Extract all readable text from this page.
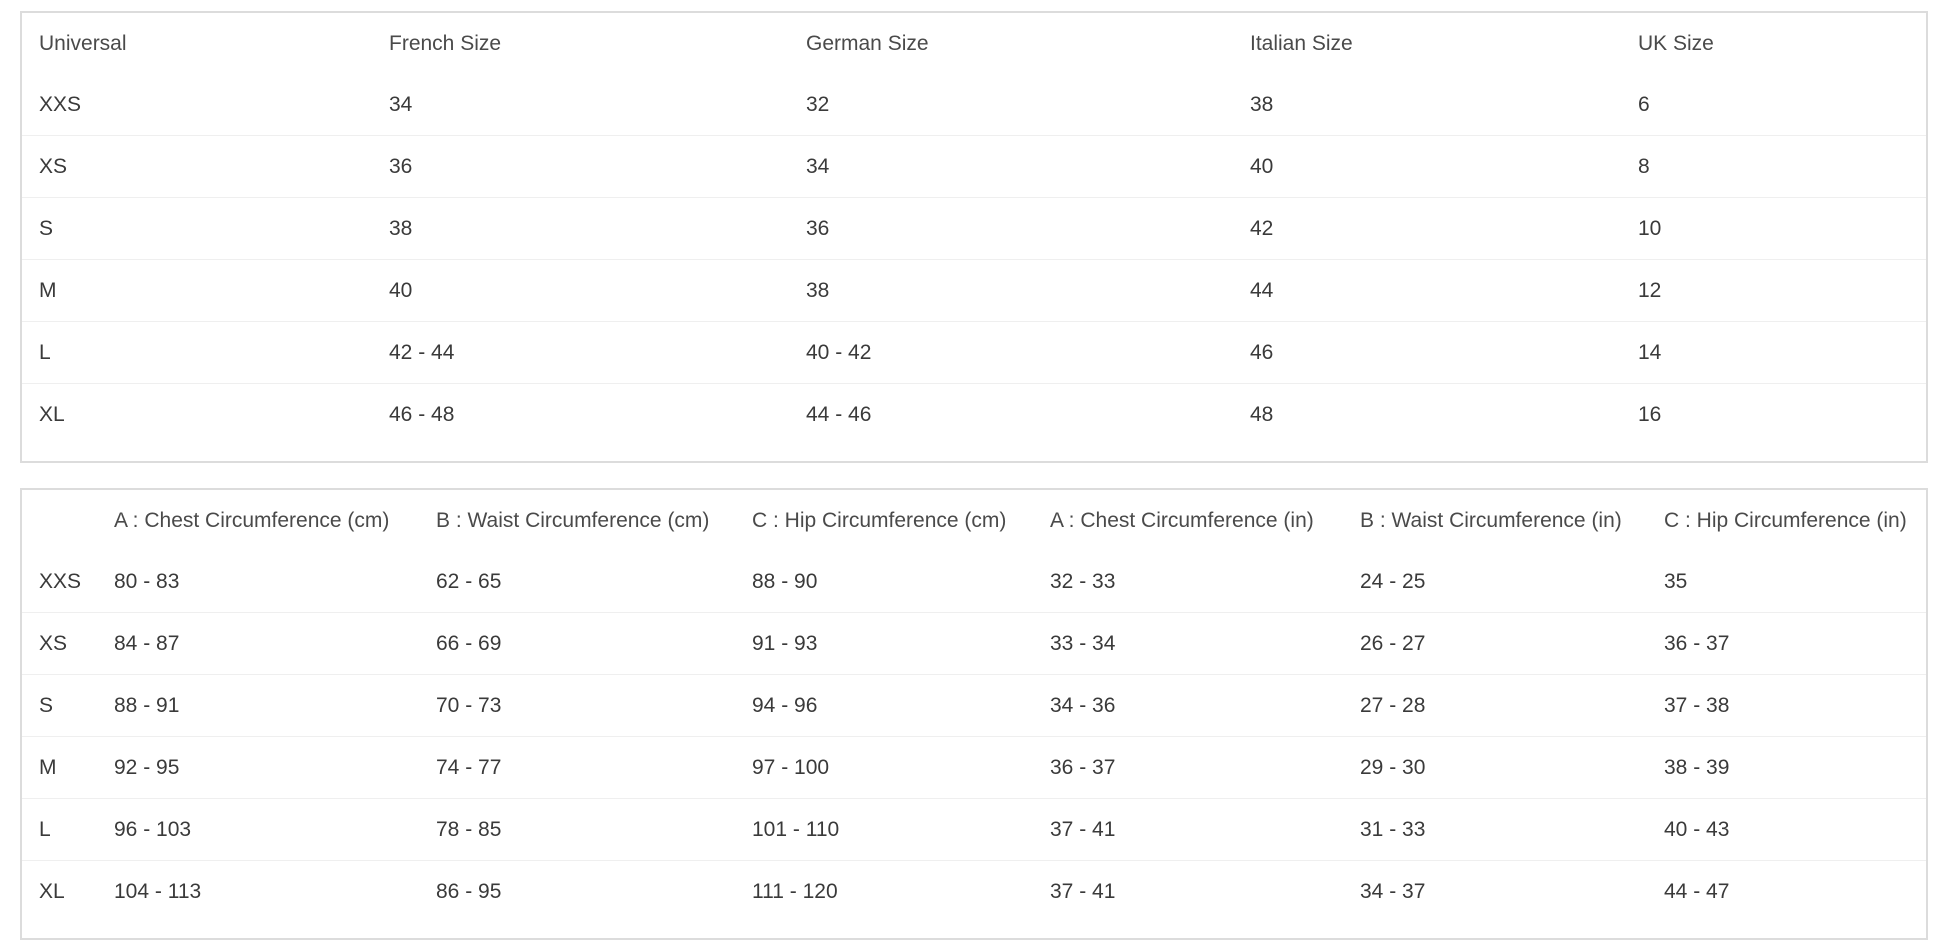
Universal	French Size	German Size	Italian Size	UK Size
XXS	34	32	38	6
XS	36	34	40	8
S	38	36	42	10
M	40	38	44	12
L	42 - 44	40 - 42	46	14
XL	46 - 48	44 - 46	48	16
	A : Chest Circumference (cm)	B : Waist Circumference (cm)	C : Hip Circumference (cm)	A : Chest Circumference (in)	B : Waist Circumference (in)	C : Hip Circumference (in)
XXS	80 - 83	62 - 65	88 - 90	32 - 33	24 - 25	35
XS	84 - 87	66 - 69	91 - 93	33 - 34	26 - 27	36 - 37
S	88 - 91	70 - 73	94 - 96	34 - 36	27 - 28	37 - 38
M	92 - 95	74 - 77	97 - 100	36 - 37	29 - 30	38 - 39
L	96 - 103	78 - 85	101 - 110	37 - 41	31 - 33	40 - 43
XL	104 - 113	86 - 95	111 - 120	37 - 41	34 - 37	44 - 47
